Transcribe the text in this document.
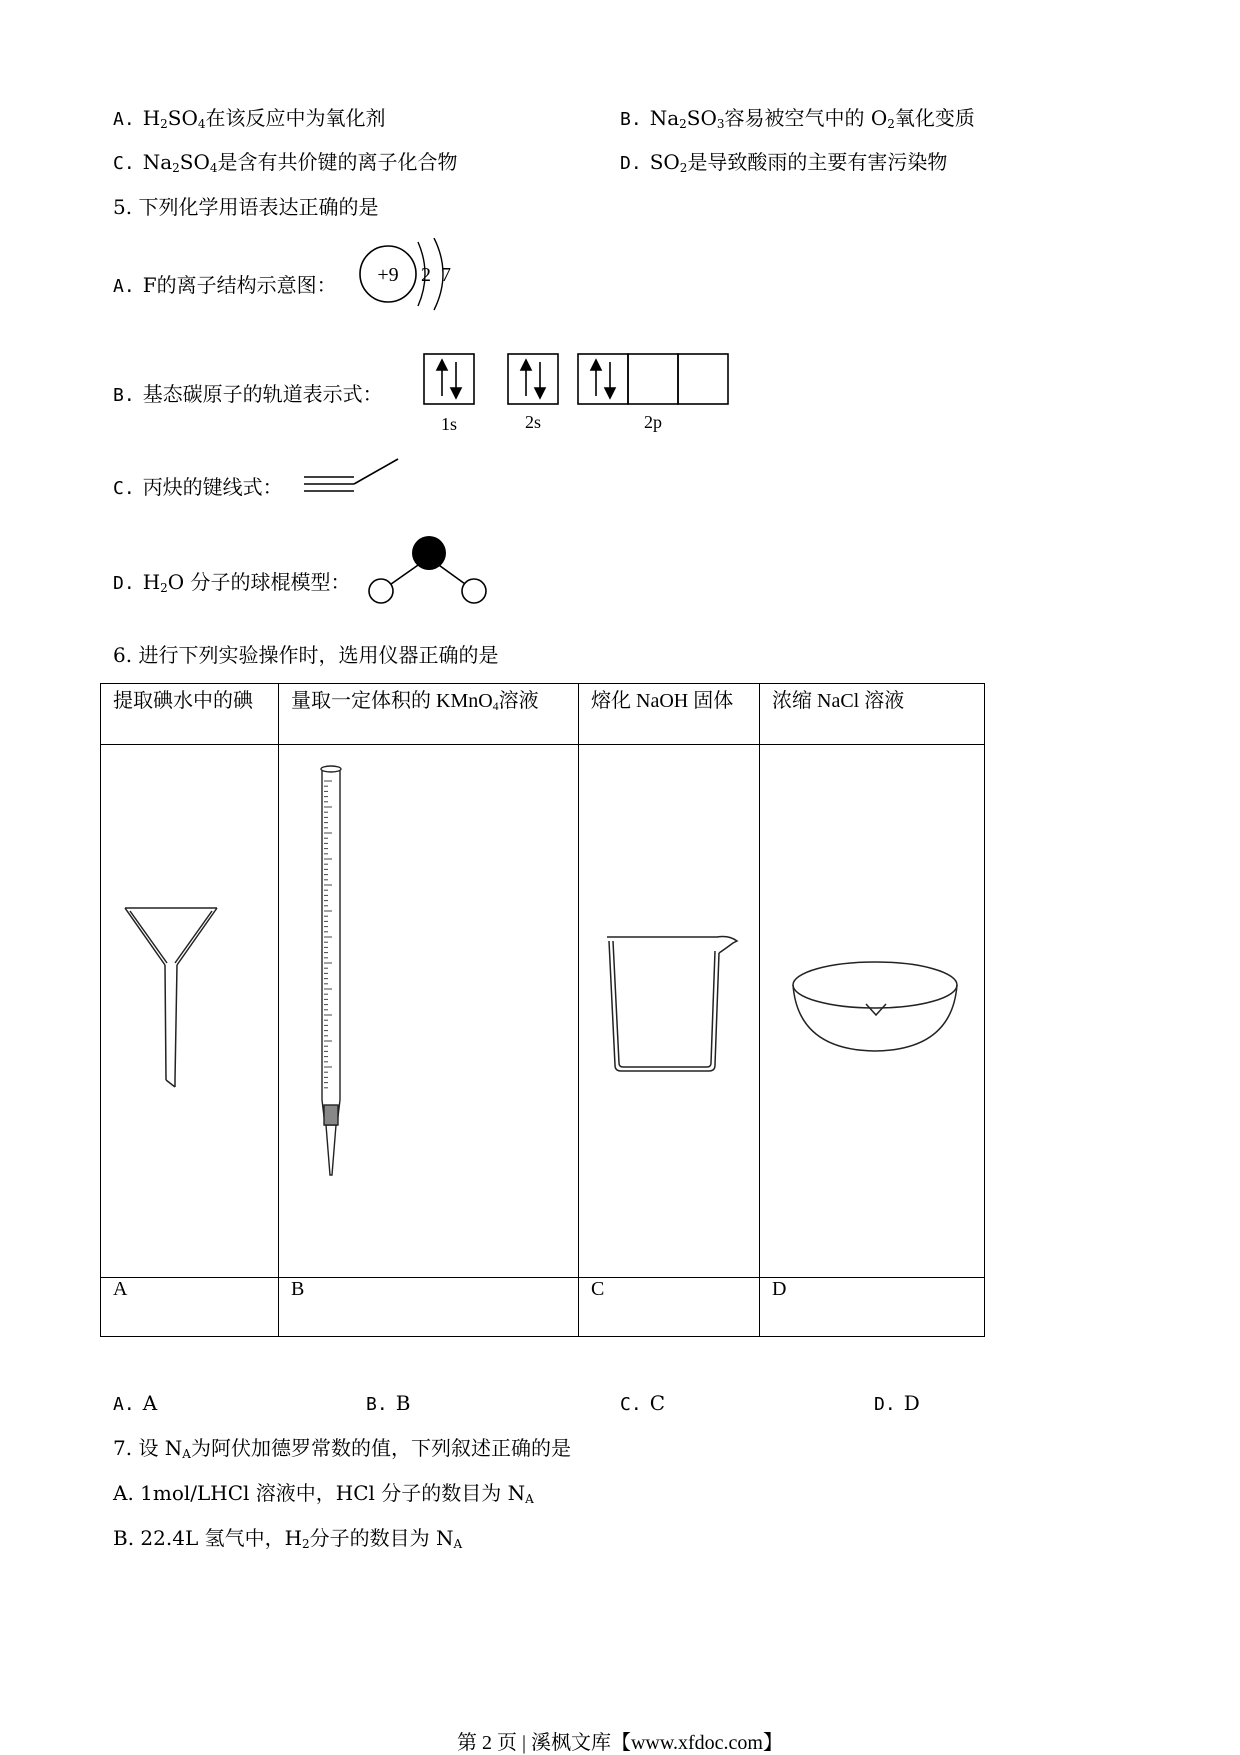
A. $H_2SO_4$在该反应中为氧化剂	B. $Na_2SO_3$容易被空气中的 $O_2$氧化变质
C. $Na_2SO_4$是含有共价键的离子化合物	D. $SO_2$是导致酸雨的主要有害污染物
5. 下列化学用语表达正确的是
A. F的离子结构示意图： +9 2 7
B. 基态碳原子的轨道表示式：
1s	2s	2p
C. 丙炔的键线式：
D. $H_2O$ 分子的球棍模型：
6. 进行下列实验操作时，选用仪器正确的是
提取碘水中的碘	量取一定体积的 KMnO$_4$溶液	熔化 NaOH 固体	浓缩 NaCl 溶液

A	B	C	D
A. A	B. B	C. C	D. D
7. 设 $N_A$为阿伏加德罗常数的值，下列叙述正确的是
A. 1mol/LHCl 溶液中，HCl 分子的数目为 $N_A$
B. 22.4L 氢气中，$H_2$分子的数目为 $N_A$
第 2 页 | 溪枫文库【www.xfdoc.com】
